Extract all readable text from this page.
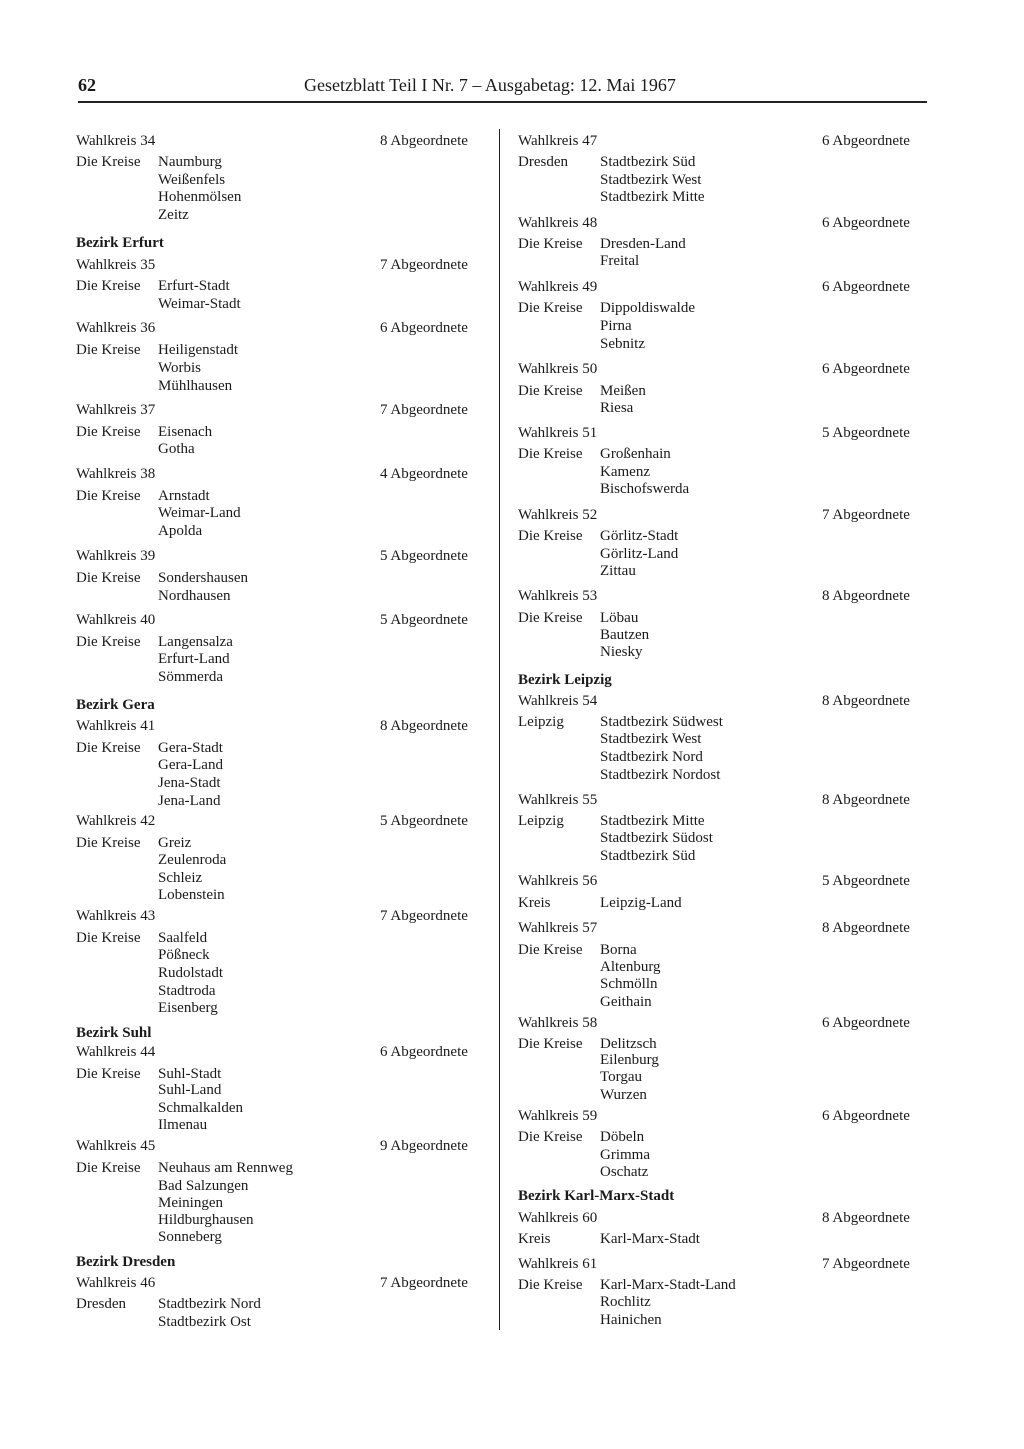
62	Gesetzblatt Teil I Nr. 7 – Ausgabetag: 12. Mai 1967
Wahlkreis 34	8 Abgeordnete
Die Kreise Naumburg
Weißenfels
Hohenmölsen
Zeitz
Bezirk Erfurt
Wahlkreis 35	7 Abgeordnete
Die Kreise Erfurt-Stadt
Weimar-Stadt
Wahlkreis 36	6 Abgeordnete
Die Kreise Heiligenstadt
Worbis
Mühlhausen
Wahlkreis 37	7 Abgeordnete
Die Kreise Eisenach
Gotha
Wahlkreis 38	4 Abgeordnete
Die Kreise Arnstadt
Weimar-Land
Apolda
Wahlkreis 39	5 Abgeordnete
Die Kreise Sondershausen
Nordhausen
Wahlkreis 40	5 Abgeordnete
Die Kreise Langensalza
Erfurt-Land
Sömmerda
Bezirk Gera
Wahlkreis 41	8 Abgeordnete
Die Kreise Gera-Stadt
Gera-Land
Jena-Stadt
Jena-Land
Wahlkreis 42	5 Abgeordnete
Die Kreise Greiz
Zeulenroda
Schleiz
Lobenstein
Wahlkreis 43	7 Abgeordnete
Die Kreise Saalfeld
Pößneck
Rudolstadt
Stadtroda
Eisenberg
Bezirk Suhl
Wahlkreis 44	6 Abgeordnete
Die Kreise Suhl-Stadt
Suhl-Land
Schmalkalden
Ilmenau
Wahlkreis 45	9 Abgeordnete
Die Kreise Neuhaus am Rennweg
Bad Salzungen
Meiningen
Hildburghausen
Sonneberg
Bezirk Dresden
Wahlkreis 46	7 Abgeordnete
Dresden Stadtbezirk Nord
Stadtbezirk Ost
Wahlkreis 47	6 Abgeordnete
Dresden Stadtbezirk Süd
Stadtbezirk West
Stadtbezirk Mitte
Wahlkreis 48	6 Abgeordnete
Die Kreise Dresden-Land
Freital
Wahlkreis 49	6 Abgeordnete
Die Kreise Dippoldiswalde
Pirna
Sebnitz
Wahlkreis 50	6 Abgeordnete
Die Kreise Meißen
Riesa
Wahlkreis 51	5 Abgeordnete
Die Kreise Großenhain
Kamenz
Bischofswerda
Wahlkreis 52	7 Abgeordnete
Die Kreise Görlitz-Stadt
Görlitz-Land
Zittau
Wahlkreis 53	8 Abgeordnete
Die Kreise Löbau
Bautzen
Niesky
Bezirk Leipzig
Wahlkreis 54	8 Abgeordnete
Leipzig Stadtbezirk Südwest
Stadtbezirk West
Stadtbezirk Nord
Stadtbezirk Nordost
Wahlkreis 55	8 Abgeordnete
Leipzig Stadtbezirk Mitte
Stadtbezirk Südost
Stadtbezirk Süd
Wahlkreis 56	5 Abgeordnete
Kreis	Leipzig-Land
Wahlkreis 57	8 Abgeordnete
Die Kreise Borna
Altenburg
Schmölln
Geithain
Wahlkreis 58	6 Abgeordnete
Die Kreise Delitzsch
Eilenburg
Torgau
Wurzen
Wahlkreis 59	6 Abgeordnete
Die Kreise Döbeln
Grimma
Oschatz
Bezirk Karl-Marx-Stadt
Wahlkreis 60	8 Abgeordnete
Kreis	Karl-Marx-Stadt
Wahlkreis 61	7 Abgeordnete
Die Kreise Karl-Marx-Stadt-Land
Rochlitz
Hainichen
